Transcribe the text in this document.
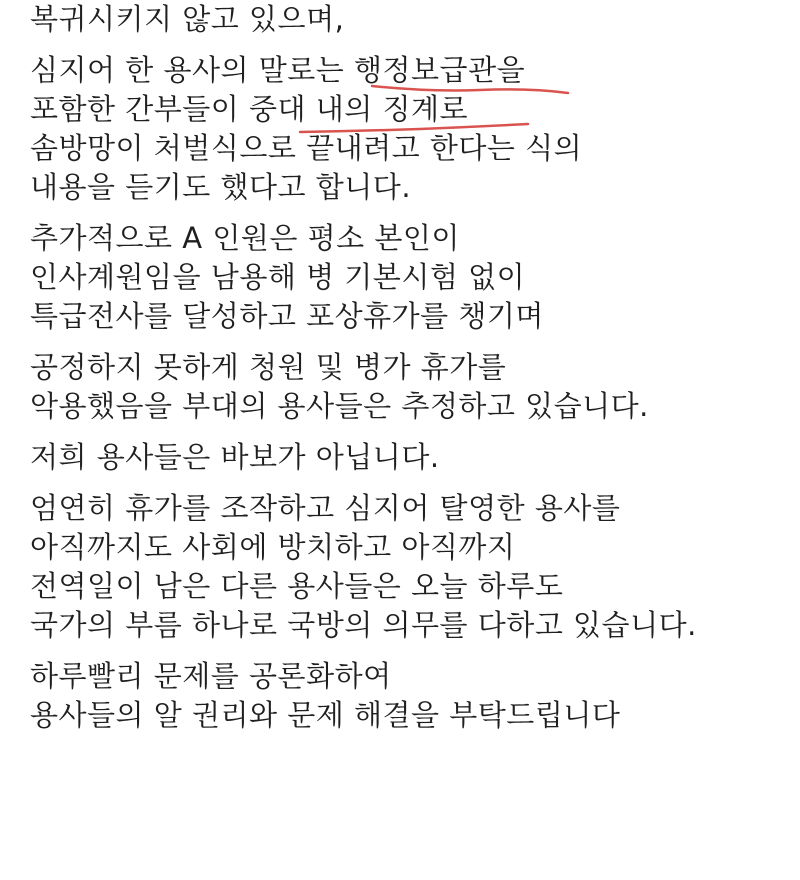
복귀시키지 않고 있으며,
심지어 한 용사의 말로는 행정보급관을
포함한 간부들이 중대 내의 징계로
솜방망이 처벌식으로 끝내려고 한다는 식의
내용을 듣기도 했다고 합니다.
추가적으로 A 인원은 평소 본인이
인사계원임을 남용해 병 기본시험 없이
특급전사를 달성하고 포상휴가를 챙기며
공정하지 못하게 청원 및 병가 휴가를
악용했음을 부대의 용사들은 추정하고 있습니다.
저희 용사들은 바보가 아닙니다.
엄연히 휴가를 조작하고 심지어 탈영한 용사를
아직까지도 사회에 방치하고 아직까지
전역일이 남은 다른 용사들은 오늘 하루도
국가의 부름 하나로 국방의 의무를 다하고 있습니다.
하루빨리 문제를 공론화하여
용사들의 알 권리와 문제 해결을 부탁드립니다
